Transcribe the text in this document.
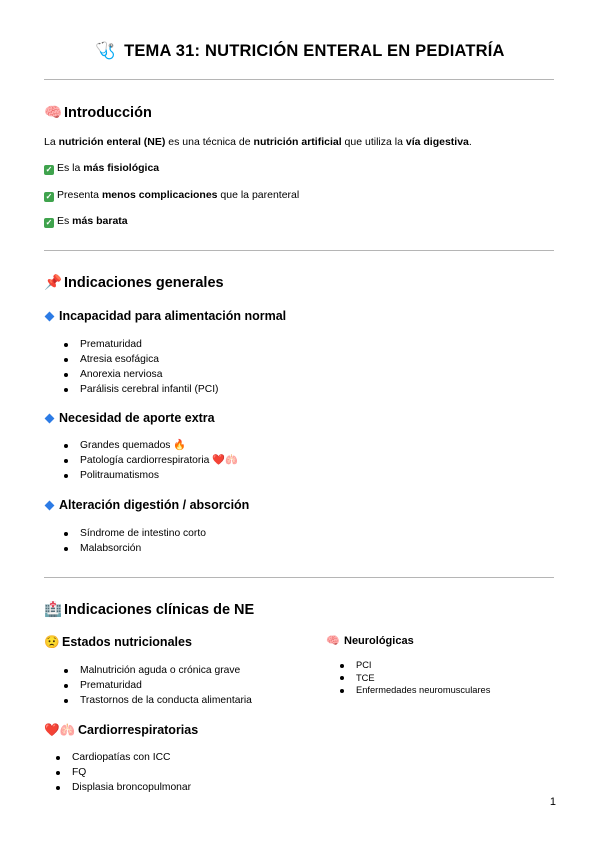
🩺 TEMA 31: NUTRICIÓN ENTERAL EN PEDIATRÍA
🧠 Introducción
La nutrición enteral (NE) es una técnica de nutrición artificial que utiliza la vía digestiva.
✓ Es la más fisiológica
✓ Presenta menos complicaciones que la parenteral
✓ Es más barata
📌 Indicaciones generales
Incapacidad para alimentación normal
Prematuridad
Atresia esofágica
Anorexia nerviosa
Parálisis cerebral infantil (PCI)
Necesidad de aporte extra
Grandes quemados 🔥
Patología cardiorrespiratoria ❤️🫁
Politraumatismos
Alteración digestión / absorción
Síndrome de intestino corto
Malabsorción
🏥 Indicaciones clínicas de NE
😟 Estados nutricionales
Malnutrición aguda o crónica grave
Prematuridad
Trastornos de la conducta alimentaria
❤️🫁 Cardiorrespiratorias
Cardiopatías con ICC
FQ
Displasia broncopulmonar
🧠 Neurológicas
PCI
TCE
Enfermedades neuromusculares
1
